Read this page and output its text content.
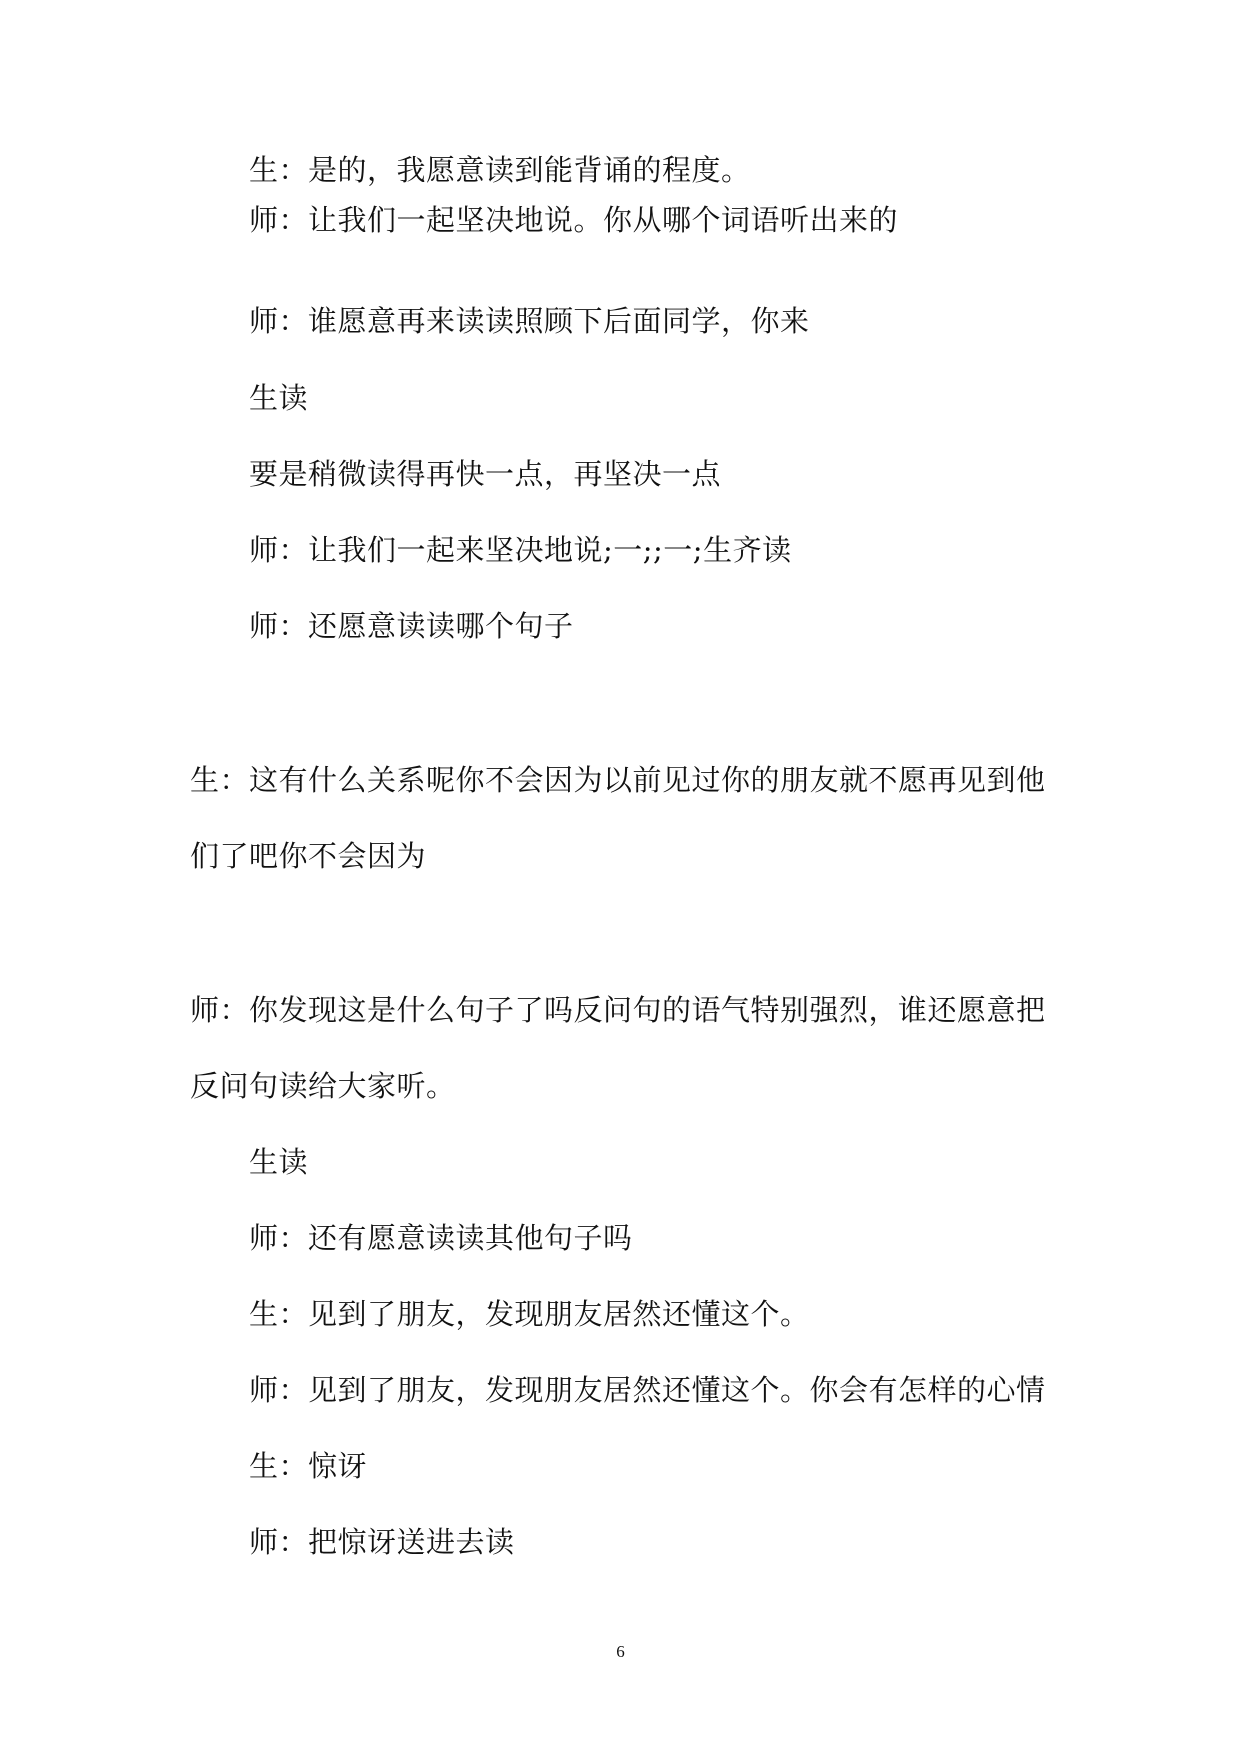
生：是的，我愿意读到能背诵的程度。
师：让我们一起坚决地说。你从哪个词语听出来的
师：谁愿意再来读读照顾下后面同学，你来
生读
要是稍微读得再快一点，再坚决一点
师：让我们一起来坚决地说;一;;一;生齐读
师：还愿意读读哪个句子
生：这有什么关系呢你不会因为以前见过你的朋友就不愿再见到他
们了吧你不会因为
师：你发现这是什么句子了吗反问句的语气特别强烈，谁还愿意把
反问句读给大家听。
生读
师：还有愿意读读其他句子吗
生：见到了朋友，发现朋友居然还懂这个。
师：见到了朋友，发现朋友居然还懂这个。你会有怎样的心情
生：惊讶
师：把惊讶送进去读
6
